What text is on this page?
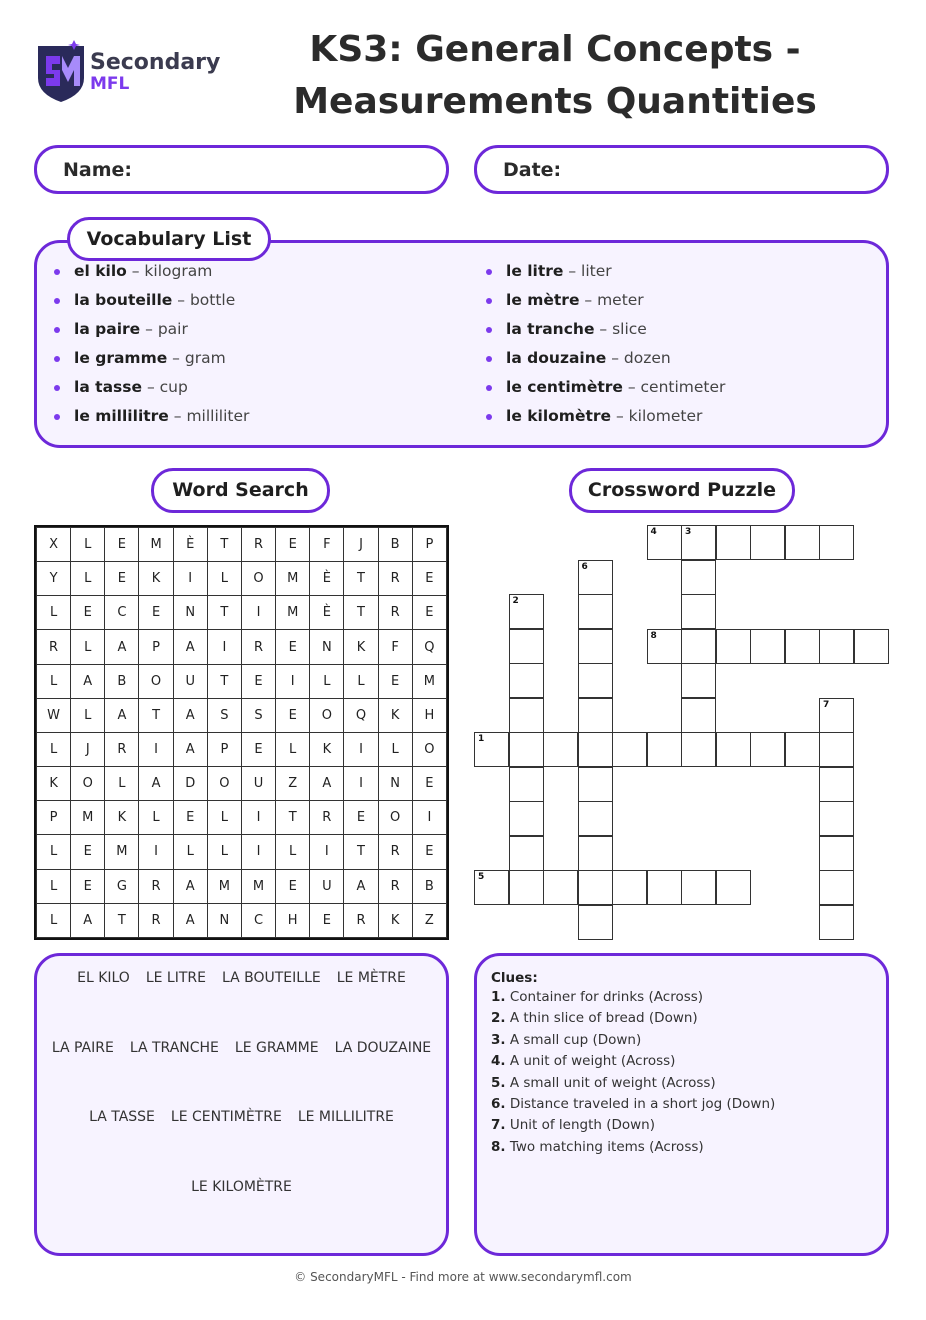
Secondary
MFL
KS3: General Concepts -
Measurements Quantities
Name:	Date:
Vocabulary List
el kilo – kilogram
la bouteille – bottle
la paire – pair
le gramme – gram
la tasse – cup
le millilitre – milliliter
le litre – liter
le mètre – meter
la tranche – slice
la douzaine – dozen
le centimètre – centimeter
le kilomètre – kilometer
Word Search
X	L	E	M	È	T	R	E	F	J	B	P
Y	L	E	K	I	L	O	M	È	T	R	E
L	E	C	E	N	T	I	M	È	T	R	E
R	L	A	P	A	I	R	E	N	K	F	Q
L	A	B	O	U	T	E	I	L	L	E	M
W	L	A	T	A	S	S	E	O	Q	K	H
L	J	R	I	A	P	E	L	K	I	L	O
K	O	L	A	D	O	U	Z	A	I	N	E
P	M	K	L	E	L	I	T	R	E	O	I
L	E	M	I	L	L	I	L	I	T	R	E
L	E	G	R	A	M	M	E	U	A	R	B
L	A	T	R	A	N	C	H	E	R	K	Z
EL KILO LE LITRE LA BOUTEILLE LE MÈTRE
LA PAIRE LA TRANCHE LE GRAMME LA DOUZAINE
LA TASSE LE CENTIMÈTRE LE MILLILITRE
LE KILOMÈTRE
Crossword Puzzle
4	3
6
2
8
7
1
5
Clues:
1. Container for drinks (Across)
2. A thin slice of bread (Down)
3. A small cup (Down)
4. A unit of weight (Across)
5. A small unit of weight (Across)
6. Distance traveled in a short jog (Down)
7. Unit of length (Down)
8. Two matching items (Across)
© SecondaryMFL - Find more at www.secondarymfl.com
